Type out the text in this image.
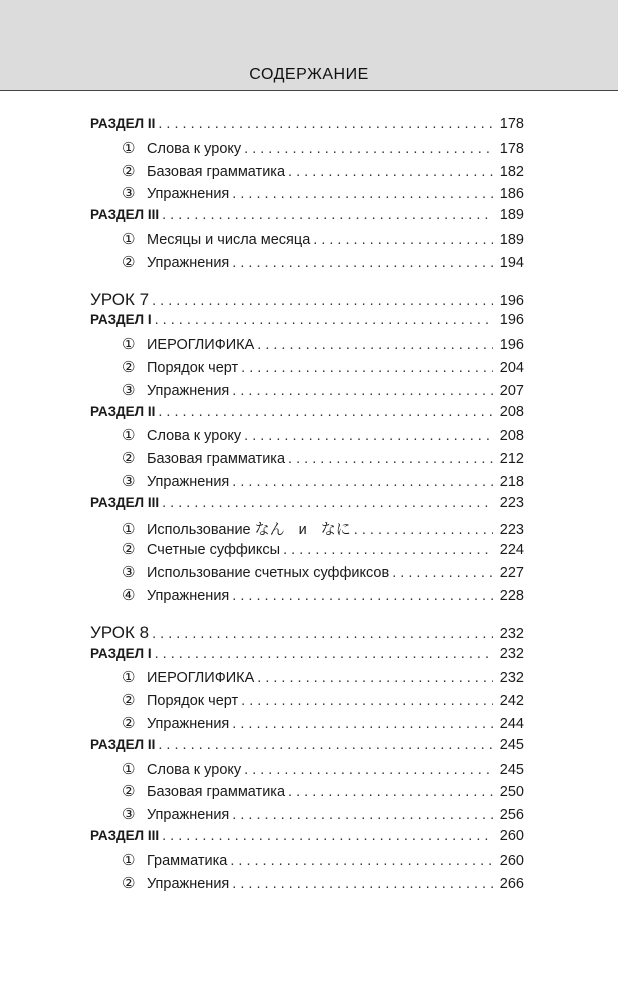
СОДЕРЖАНИЕ
РАЗДЕЛ II . . .	178
① Слова к уроку . . .	178
② Базовая грамматика . . .	182
③ Упражнения . . .	186
РАЗДЕЛ III . . .	189
① Месяцы и числа месяца . . .	189
② Упражнения . . .	194
УРОК 7 . . .	196
РАЗДЕЛ I . . .	196
① ИЕРОГЛИФИКА . . .	196
② Порядок черт . . .	204
③ Упражнения . . .	207
РАЗДЕЛ II . . .	208
① Слова к уроку . . .	208
② Базовая грамматика . . .	212
③ Упражнения . . .	218
РАЗДЕЛ III . . .	223
① Использование なん и なに . . .	223
② Счетные суффиксы . . .	224
③ Использование счетных суффиксов . . .	227
④ Упражнения . . .	228
УРОК 8 . . .	232
РАЗДЕЛ I . . .	232
① ИЕРОГЛИФИКА . . .	232
② Порядок черт . . .	242
② Упражнения . . .	244
РАЗДЕЛ II . . .	245
① Слова к уроку . . .	245
② Базовая грамматика . . .	250
③ Упражнения . . .	256
РАЗДЕЛ III . . .	260
① Грамматика . . .	260
② Упражнения . . .	266
